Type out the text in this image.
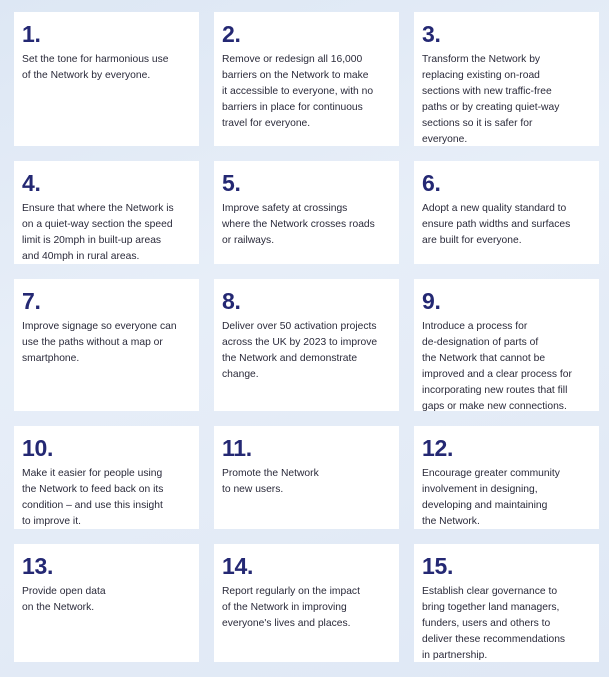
1.
Set the tone for harmonious use
of the Network by everyone.
2.
Remove or redesign all 16,000
barriers on the Network to make
it accessible to everyone, with no
barriers in place for continuous
travel for everyone.
3.
Transform the Network by
replacing existing on-road
sections with new traffic-free
paths or by creating quiet-way
sections so it is safer for
everyone.
4.
Ensure that where the Network is
on a quiet-way section the speed
limit is 20mph in built-up areas
and 40mph in rural areas.
5.
Improve safety at crossings
where the Network crosses roads
or railways.
6.
Adopt a new quality standard to
ensure path widths and surfaces
are built for everyone.
7.
Improve signage so everyone can
use the paths without a map or
smartphone.
8.
Deliver over 50 activation projects
across the UK by 2023 to improve
the Network and demonstrate
change.
9.
Introduce a process for
de-designation of parts of
the Network that cannot be
improved and a clear process for
incorporating new routes that fill
gaps or make new connections.
10.
Make it easier for people using
the Network to feed back on its
condition – and use this insight
to improve it.
11.
Promote the Network
to new users.
12.
Encourage greater community
involvement in designing,
developing and maintaining
the Network.
13.
Provide open data
on the Network.
14.
Report regularly on the impact
of the Network in improving
everyone's lives and places.
15.
Establish clear governance to
bring together land managers,
funders, users and others to
deliver these recommendations
in partnership.
